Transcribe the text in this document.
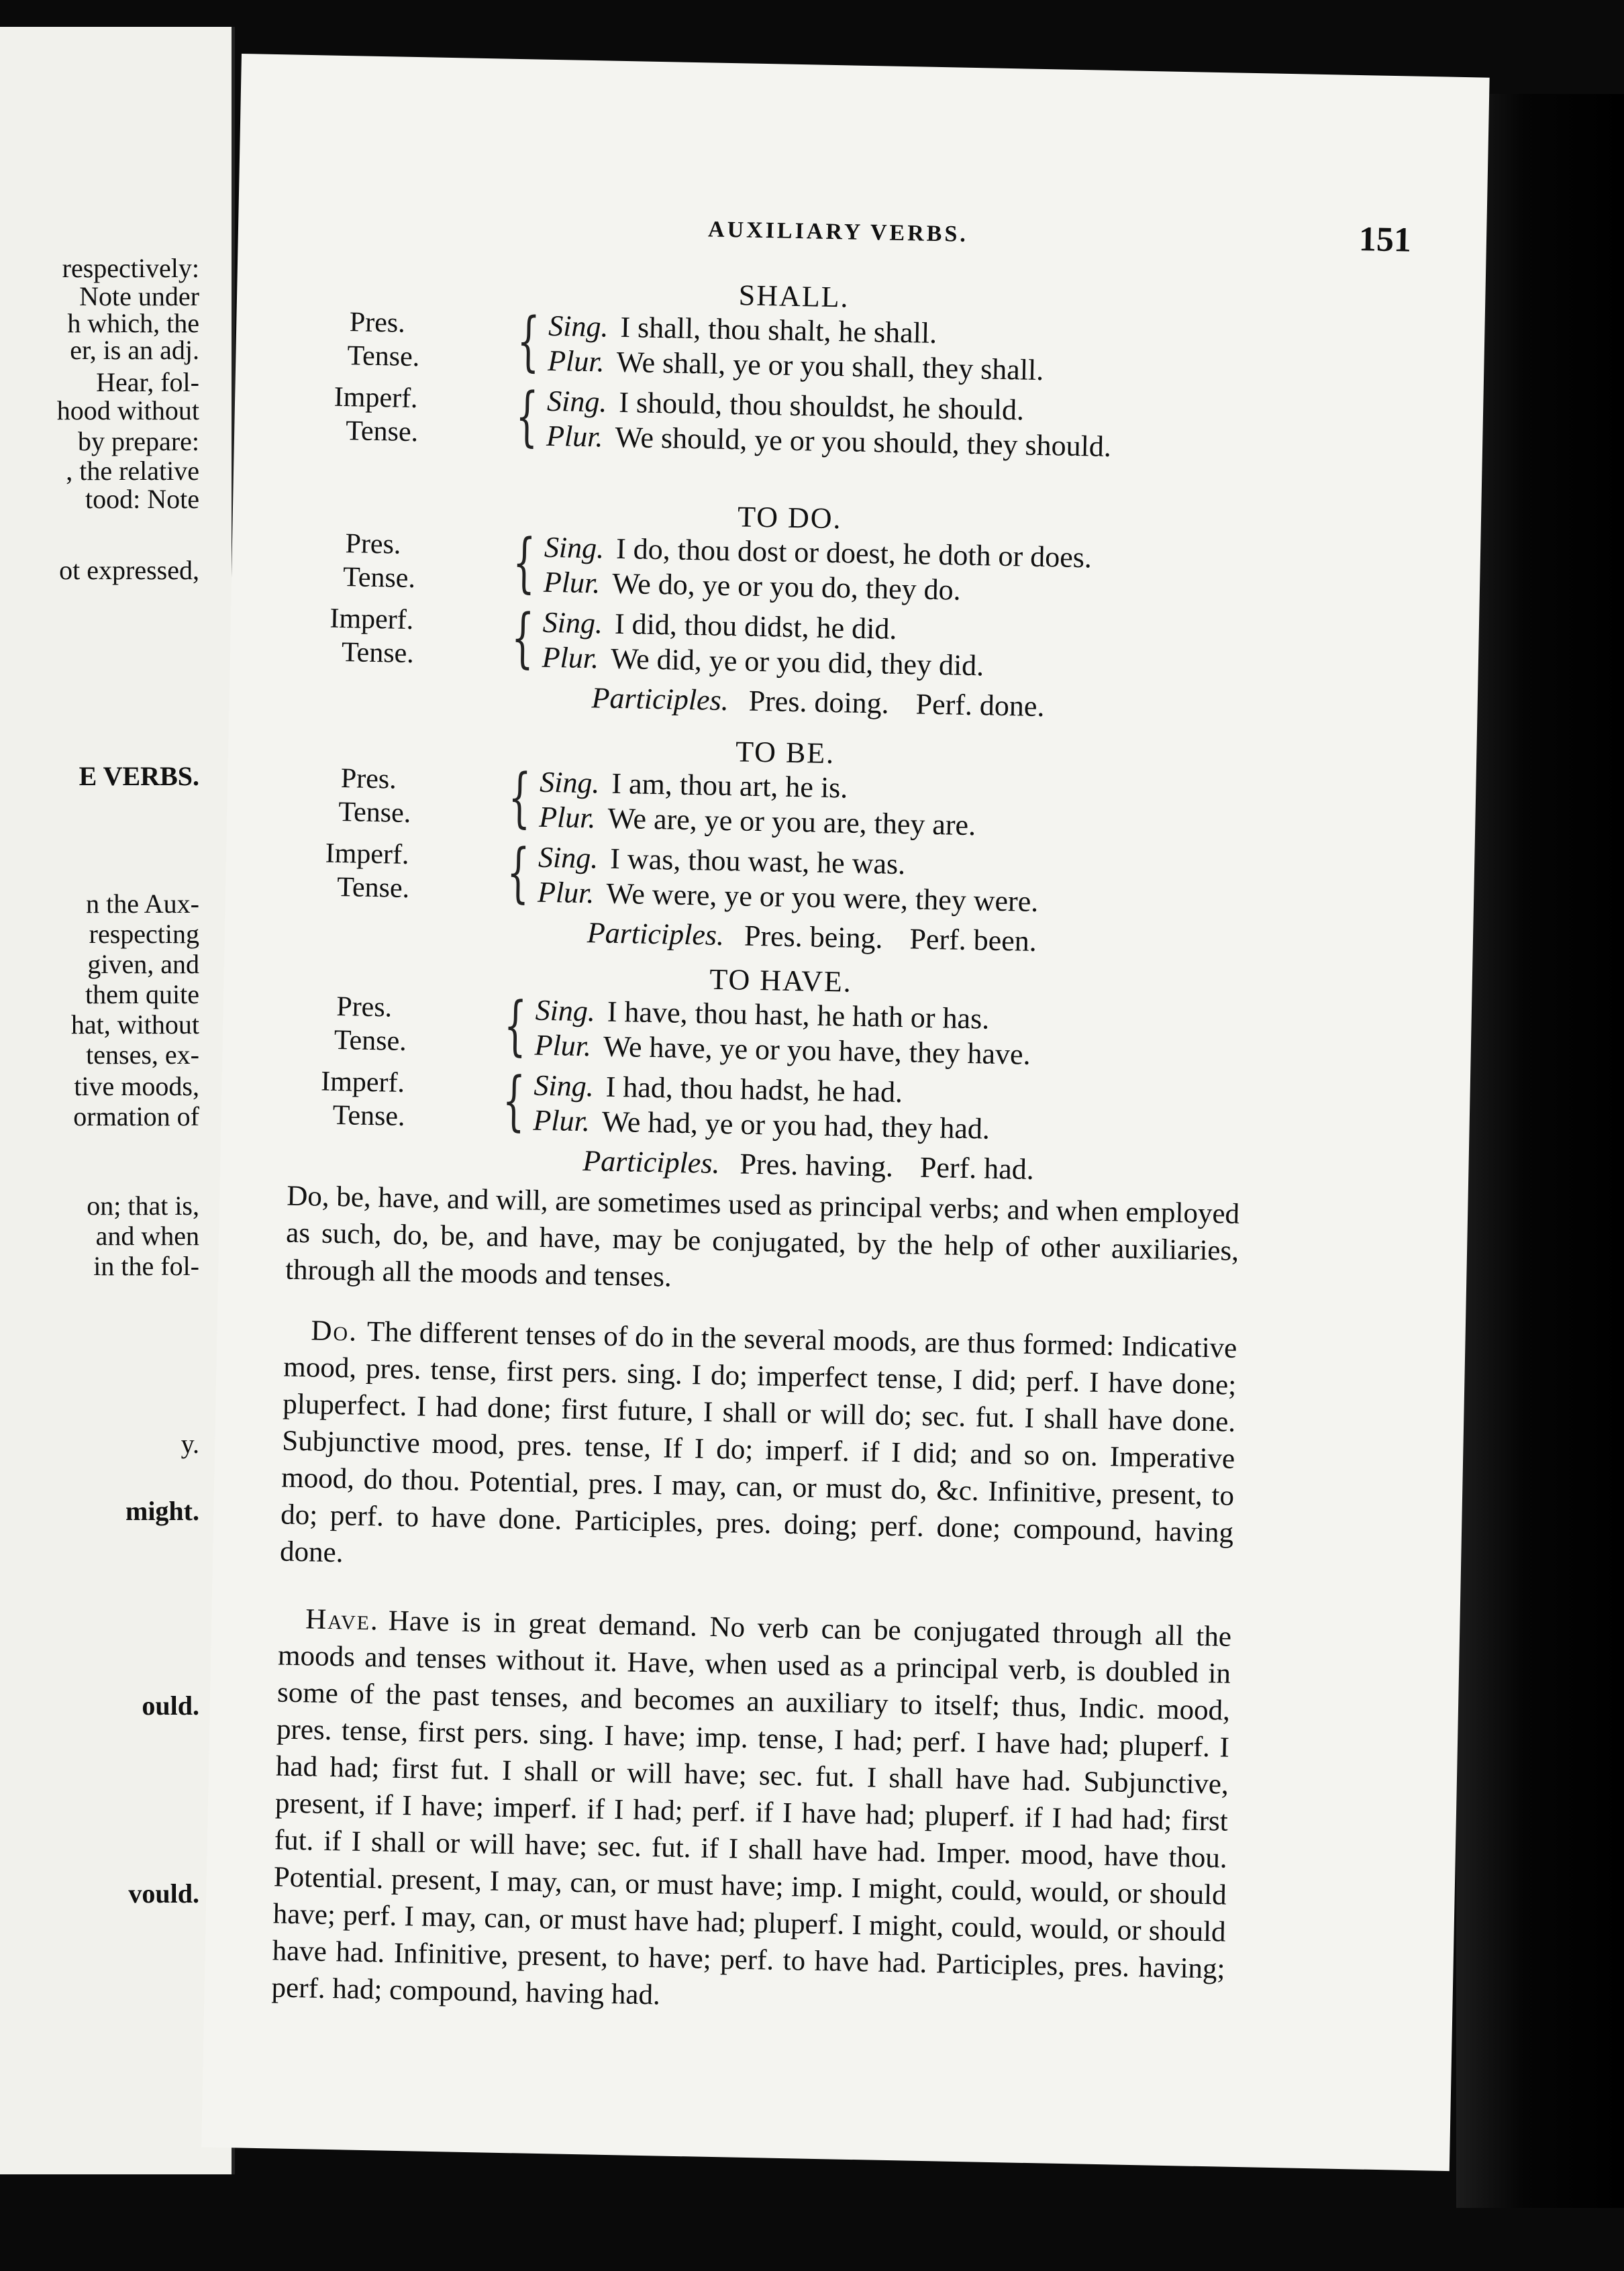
respectively:
Note under
h which, the
er, is an adj.
Hear, fol-
hood without
by prepare:
, the relative
tood: Note
ot expressed,
E VERBS.
n the Aux-
respecting
given, and
them quite
hat, without
tenses, ex-
tive moods,
ormation of
on; that is,
and when
in the fol-
y.
might.
ould.
vould.
AUXILIARY VERBS.	151
SHALL.
Pres.
Tense.	{ Sing. I shall, thou shalt, he shall.
Plur. We shall, ye or you shall, they shall.
Imperf.
Tense.	{ Sing. I should, thou shouldst, he should.
Plur. We should, ye or you should, they should.
TO DO.
Pres.
Tense.	{ Sing. I do, thou dost or doest, he doth or does.
Plur. We do, ye or you do, they do.
Imperf.
Tense.	{ Sing. I did, thou didst, he did.
Plur. We did, ye or you did, they did.
Participles. Pres. doing. Perf. done.
TO BE.
Pres.
Tense.	{ Sing. I am, thou art, he is.
Plur. We are, ye or you are, they are.
Imperf.
Tense.	{ Sing. I was, thou wast, he was.
Plur. We were, ye or you were, they were.
Participles. Pres. being. Perf. been.
TO HAVE.
Pres.
Tense.	{ Sing. I have, thou hast, he hath or has.
Plur. We have, ye or you have, they have.
Imperf.
Tense.	{ Sing. I had, thou hadst, he had.
Plur. We had, ye or you had, they had.
Participles. Pres. having. Perf. had.

Do, be, have, and will, are sometimes used as principal verbs; and when employed as such, do, be, and have, may be conjugated, by the help of other auxiliaries, through all the moods and tenses.

Do. The different tenses of do in the several moods, are thus formed: Indicative mood, pres. tense, first pers. sing. I do; imperfect tense, I did; perf. I have done; pluperfect. I had done; first future, I shall or will do; sec. fut. I shall have done. Subjunctive mood, pres. tense, If I do; imperf. if I did; and so on. Imperative mood, do thou. Potential, pres. I may, can, or must do, &c. Infinitive, present, to do; perf. to have done. Participles, pres. doing; perf. done; compound, having done.

Have. Have is in great demand. No verb can be conjugated through all the moods and tenses without it. Have, when used as a principal verb, is doubled in some of the past tenses, and becomes an auxiliary to itself; thus, Indic. mood, pres. tense, first pers. sing. I have; imp. tense, I had; perf. I have had; pluperf. I had had; first fut. I shall or will have; sec. fut. I shall have had. Subjunctive, present, if I have; imperf. if I had; perf. if I have had; pluperf. if I had had; first fut. if I shall or will have; sec. fut. if I shall have had. Imper. mood, have thou. Potential. present, I may, can, or must have; imp. I might, could, would, or should have; perf. I may, can, or must have had; pluperf. I might, could, would, or should have had. Infinitive, present, to have; perf. to have had. Participles, pres. having; perf. had; compound, having had.
